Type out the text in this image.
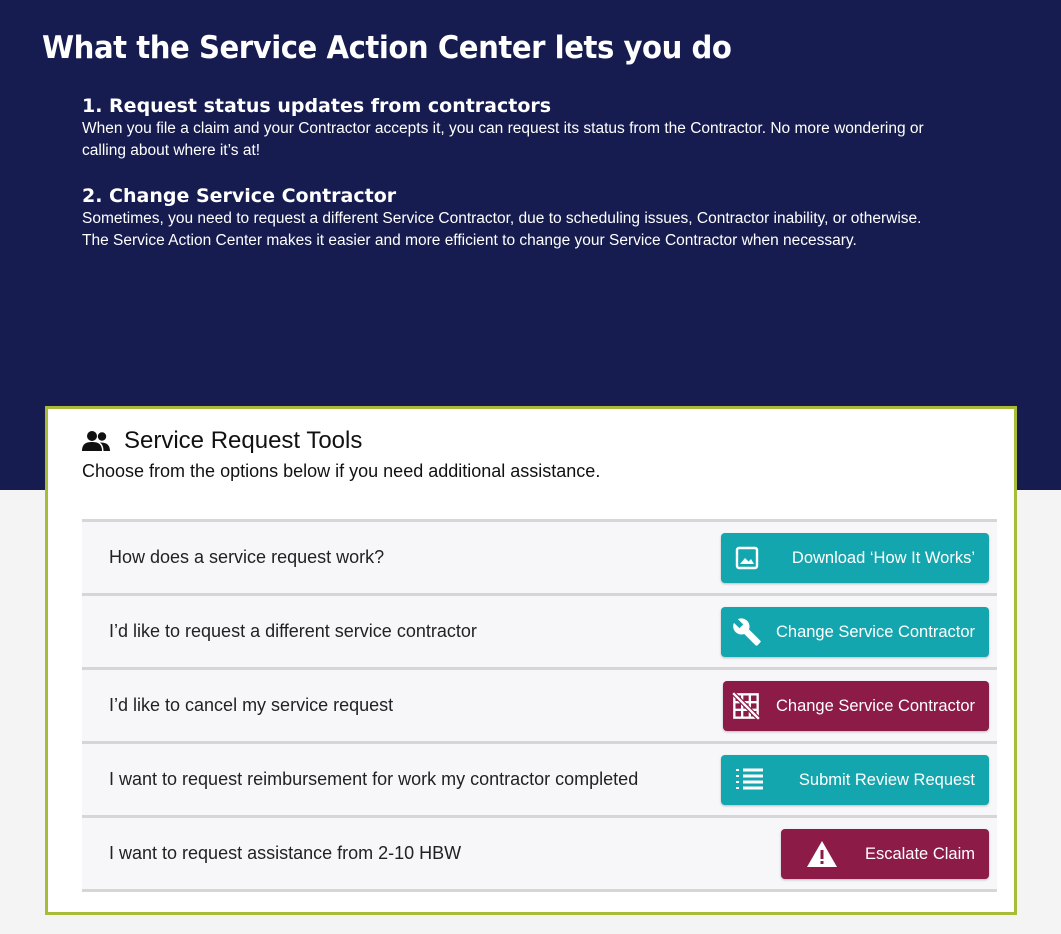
What the Service Action Center lets you do
1. Request status updates from contractors

When you file a claim and your Contractor accepts it, you can request its status from the Contractor. No more wondering or calling about where it’s at!

2. Change Service Contractor

Sometimes, you need to request a different Service Contractor, due to scheduling issues, Contractor inability, or otherwise. The Service Action Center makes it easier and more efficient to change your Service Contractor when necessary.

Service Request Tools
Choose from the options below if you need additional assistance.
How does a service request work?	Download ‘How It Works’
I’d like to request a different service contractor	Change Service Contractor
I’d like to cancel my service request	Change Service Contractor
I want to request reimbursement for work my contractor completed	Submit Review Request
I want to request assistance from 2-10 HBW	Escalate Claim
